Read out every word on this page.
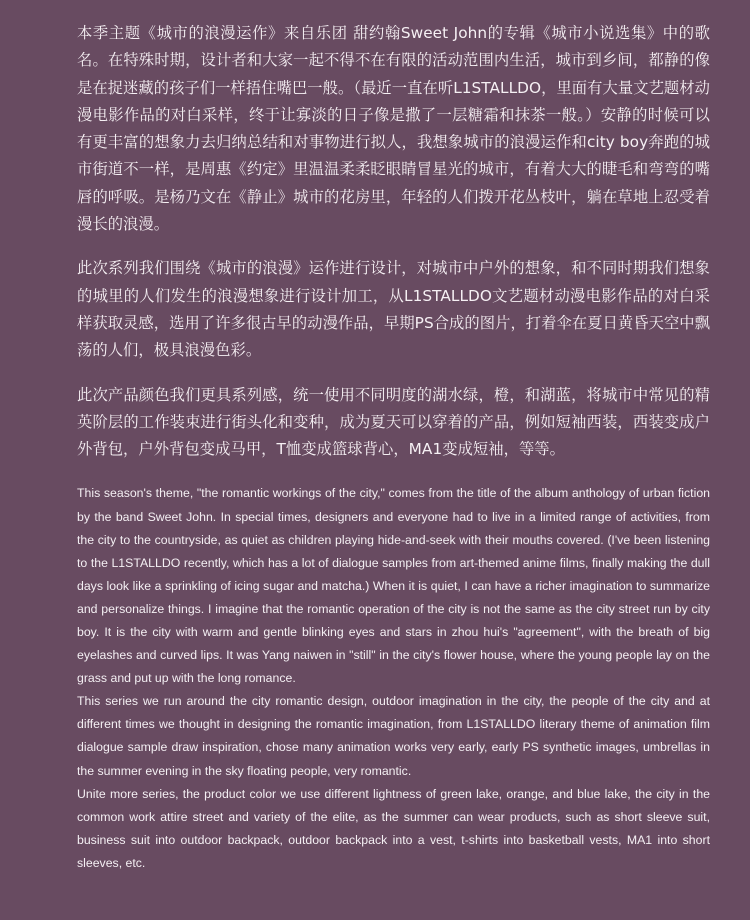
本季主题《城市的浪漫运作》来自乐团 甜约翰Sweet John的专辑《城市小说选集》中的歌名。在特殊时期，设计者和大家一起不得不在有限的活动范围内生活，城市到乡间，都静的像是在捉迷藏的孩子们一样捂住嘴巴一般。（最近一直在听L1STALLDO，里面有大量文艺题材动漫电影作品的对白采样，终于让寡淡的日子像是撒了一层糖霜和抹茶一般。）安静的时候可以有更丰富的想象力去归纳总结和对事物进行拟人，我想象城市的浪漫运作和city boy奔跑的城市街道不一样，是周惠《约定》里温温柔柔眨眼睛冒星光的城市，有着大大的睫毛和弯弯的嘴唇的呼吸。是杨乃文在《静止》城市的花房里，年轻的人们拨开花丛枝叶，躺在草地上忍受着漫长的浪漫。

此次系列我们围绕《城市的浪漫》运作进行设计，对城市中户外的想象，和不同时期我们想象的城里的人们发生的浪漫想象进行设计加工，从L1STALLDO文艺题材动漫电影作品的对白采样获取灵感，选用了许多很古早的动漫作品，早期PS合成的图片，打着伞在夏日黄昏天空中飘荡的人们，极具浪漫色彩。

此次产品颜色我们更具系列感，统一使用不同明度的湖水绿，橙，和湖蓝，将城市中常见的精英阶层的工作装束进行街头化和变种，成为夏天可以穿着的产品，例如短袖西装，西装变成户外背包，户外背包变成马甲，T恤变成篮球背心，MA1变成短袖，等等。

This season's theme, "the romantic workings of the city," comes from the title of the album anthology of urban fiction by the band Sweet John. In special times, designers and everyone had to live in a limited range of activities, from the city to the countryside, as quiet as children playing hide-and-seek with their mouths covered. (I've been listening to the L1STALLDO recently, which has a lot of dialogue samples from art-themed anime films, finally making the dull days look like a sprinkling of icing sugar and matcha.) When it is quiet, I can have a richer imagination to summarize and personalize things. I imagine that the romantic operation of the city is not the same as the city street run by city boy. It is the city with warm and gentle blinking eyes and stars in zhou hui's "agreement", with the breath of big eyelashes and curved lips. It was Yang naiwen in "still" in the city's flower house, where the young people lay on the grass and put up with the long romance.

This series we run around the city romantic design, outdoor imagination in the city, the people of the city and at different times we thought in designing the romantic imagination, from L1STALLDO literary theme of animation film dialogue sample draw inspiration, chose many animation works very early, early PS synthetic images, umbrellas in the summer evening in the sky floating people, very romantic.

Unite more series, the product color we use different lightness of green lake, orange, and blue lake, the city in the common work attire street and variety of the elite, as the summer can wear products, such as short sleeve suit, business suit into outdoor backpack, outdoor backpack into a vest, t-shirts into basketball vests, MA1 into short sleeves, etc.
